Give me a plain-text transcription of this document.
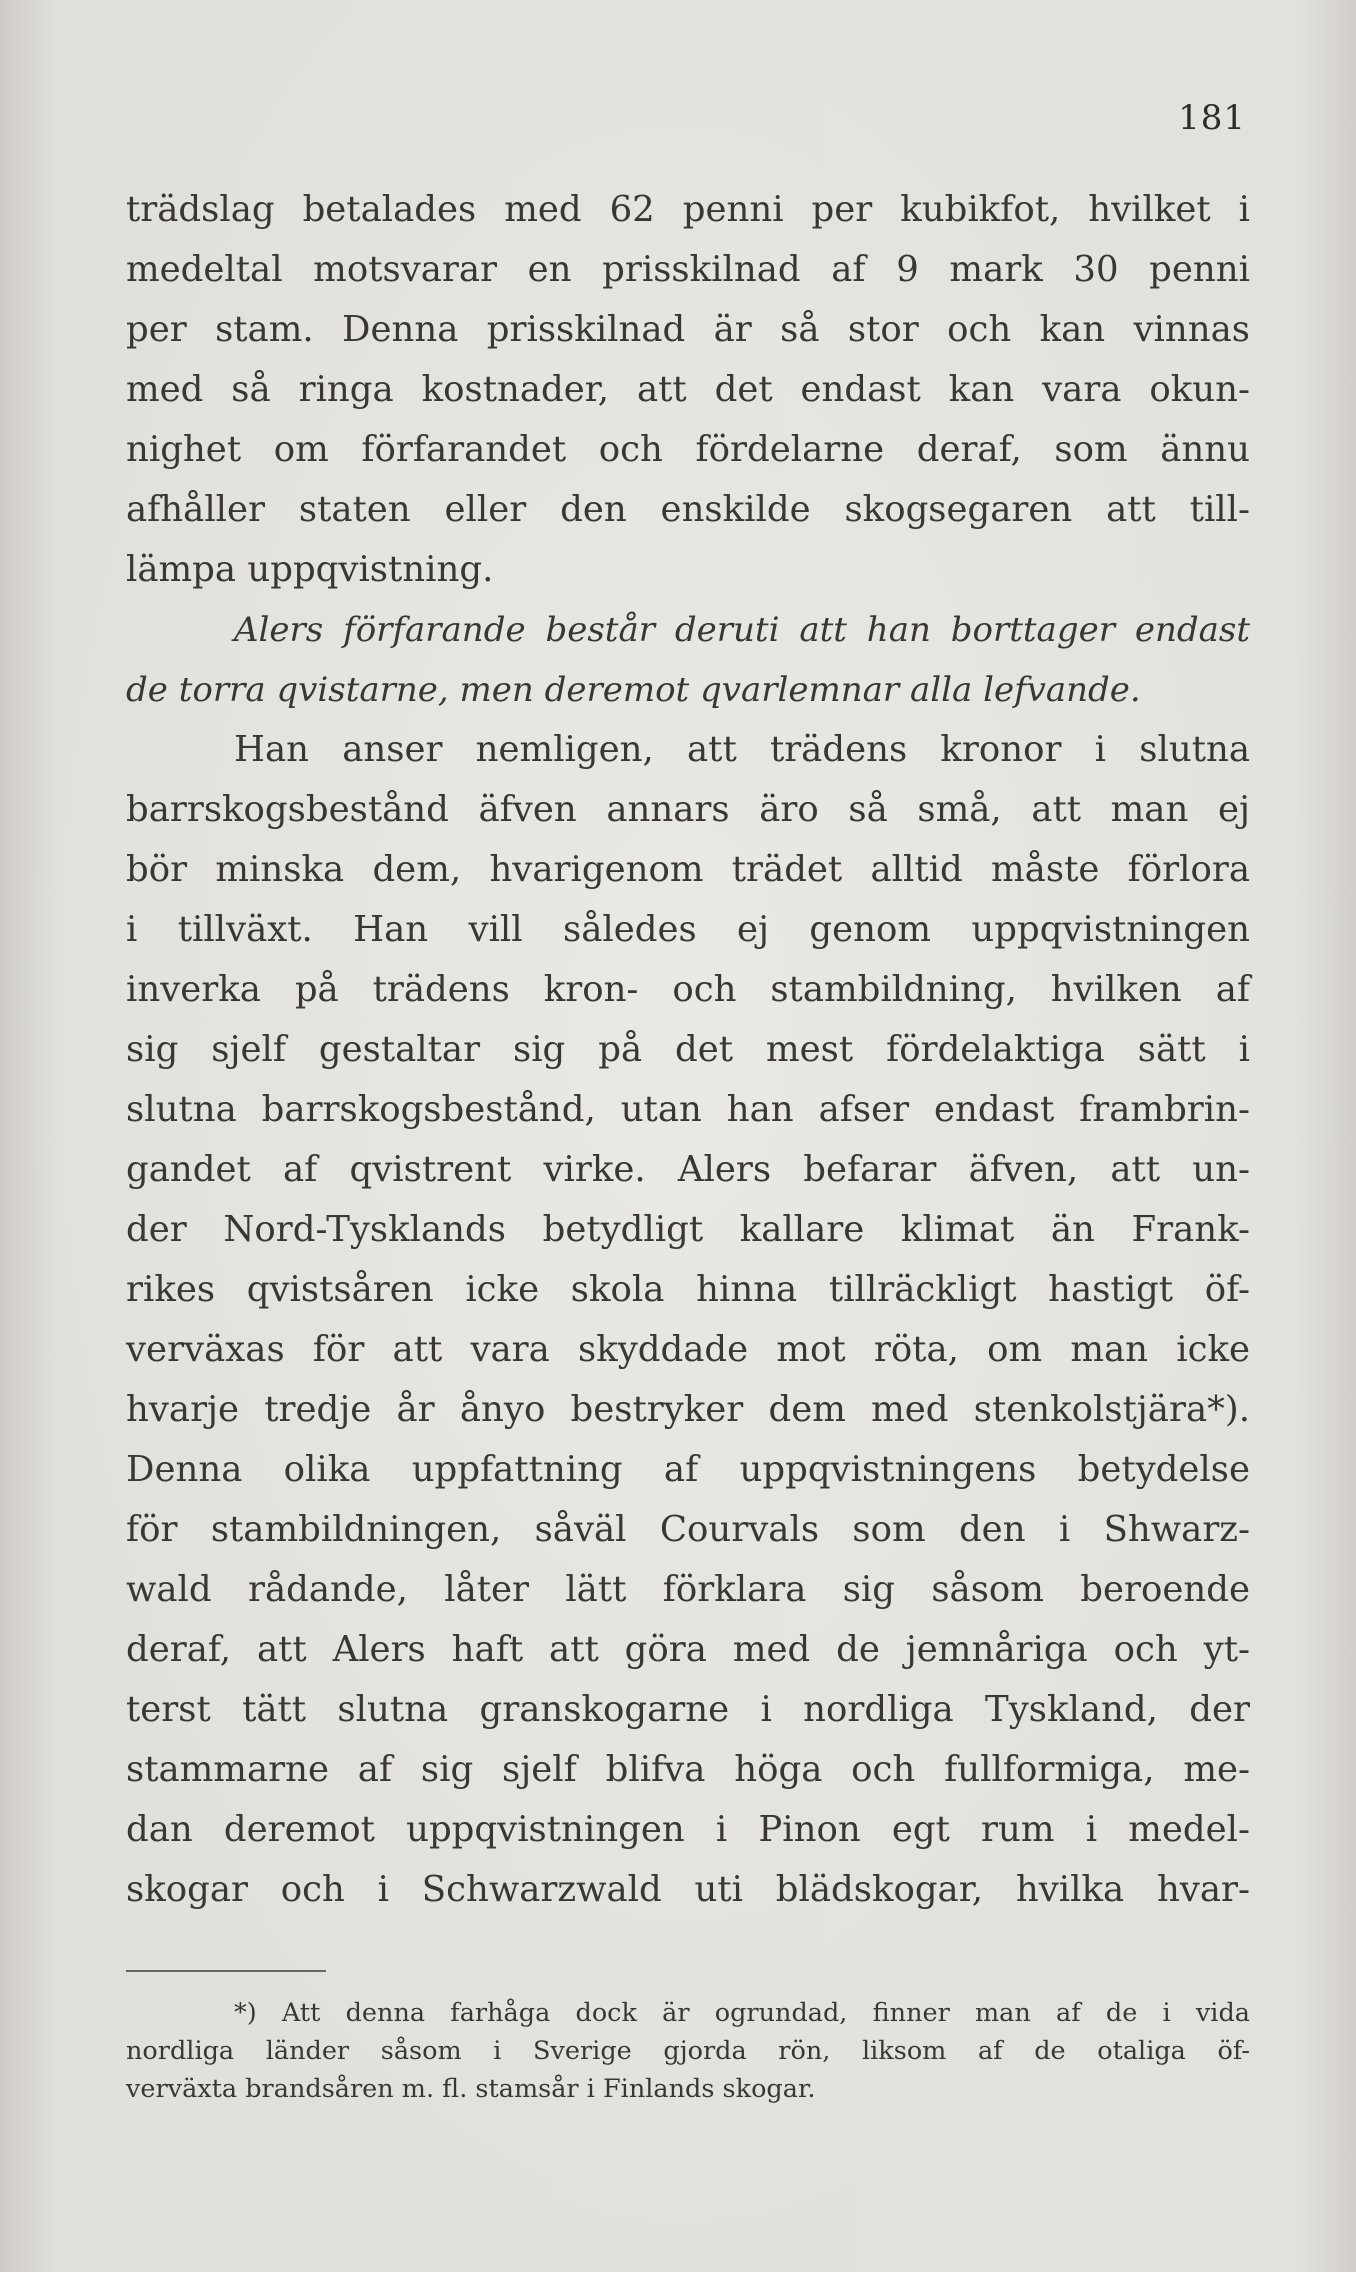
181
trädslag betalades med 62 penni per kubikfot, hvilket i
medeltal motsvarar en prisskilnad af 9 mark 30 penni
per stam. Denna prisskilnad är så stor och kan vinnas
med så ringa kostnader, att det endast kan vara okun-
nighet om förfarandet och fördelarne deraf, som ännu
afhåller staten eller den enskilde skogsegaren att till-
lämpa uppqvistning.
Alers förfarande består deruti att han borttager endast
de torra qvistarne, men deremot qvarlemnar alla lefvande.
Han anser nemligen, att trädens kronor i slutna
barrskogsbestånd äfven annars äro så små, att man ej
bör minska dem, hvarigenom trädet alltid måste förlora
i tillväxt. Han vill således ej genom uppqvistningen
inverka på trädens kron- och stambildning, hvilken af
sig sjelf gestaltar sig på det mest fördelaktiga sätt i
slutna barrskogsbestånd, utan han afser endast frambrin-
gandet af qvistrent virke. Alers befarar äfven, att un-
der Nord-Tysklands betydligt kallare klimat än Frank-
rikes qvistsåren icke skola hinna tillräckligt hastigt öf-
verväxas för att vara skyddade mot röta, om man icke
hvarje tredje år ånyo bestryker dem med stenkolstjära*).
Denna olika uppfattning af uppqvistningens betydelse
för stambildningen, såväl Courvals som den i Shwarz-
wald rådande, låter lätt förklara sig såsom beroende
deraf, att Alers haft att göra med de jemnåriga och yt-
terst tätt slutna granskogarne i nordliga Tyskland, der
stammarne af sig sjelf blifva höga och fullformiga, me-
dan deremot uppqvistningen i Pinon egt rum i medel-
skogar och i Schwarzwald uti blädskogar, hvilka hvar-
*) Att denna farhåga dock är ogrundad, finner man af de i vida
nordliga länder såsom i Sverige gjorda rön, liksom af de otaliga öf-
verväxta brandsåren m. fl. stamsår i Finlands skogar.
